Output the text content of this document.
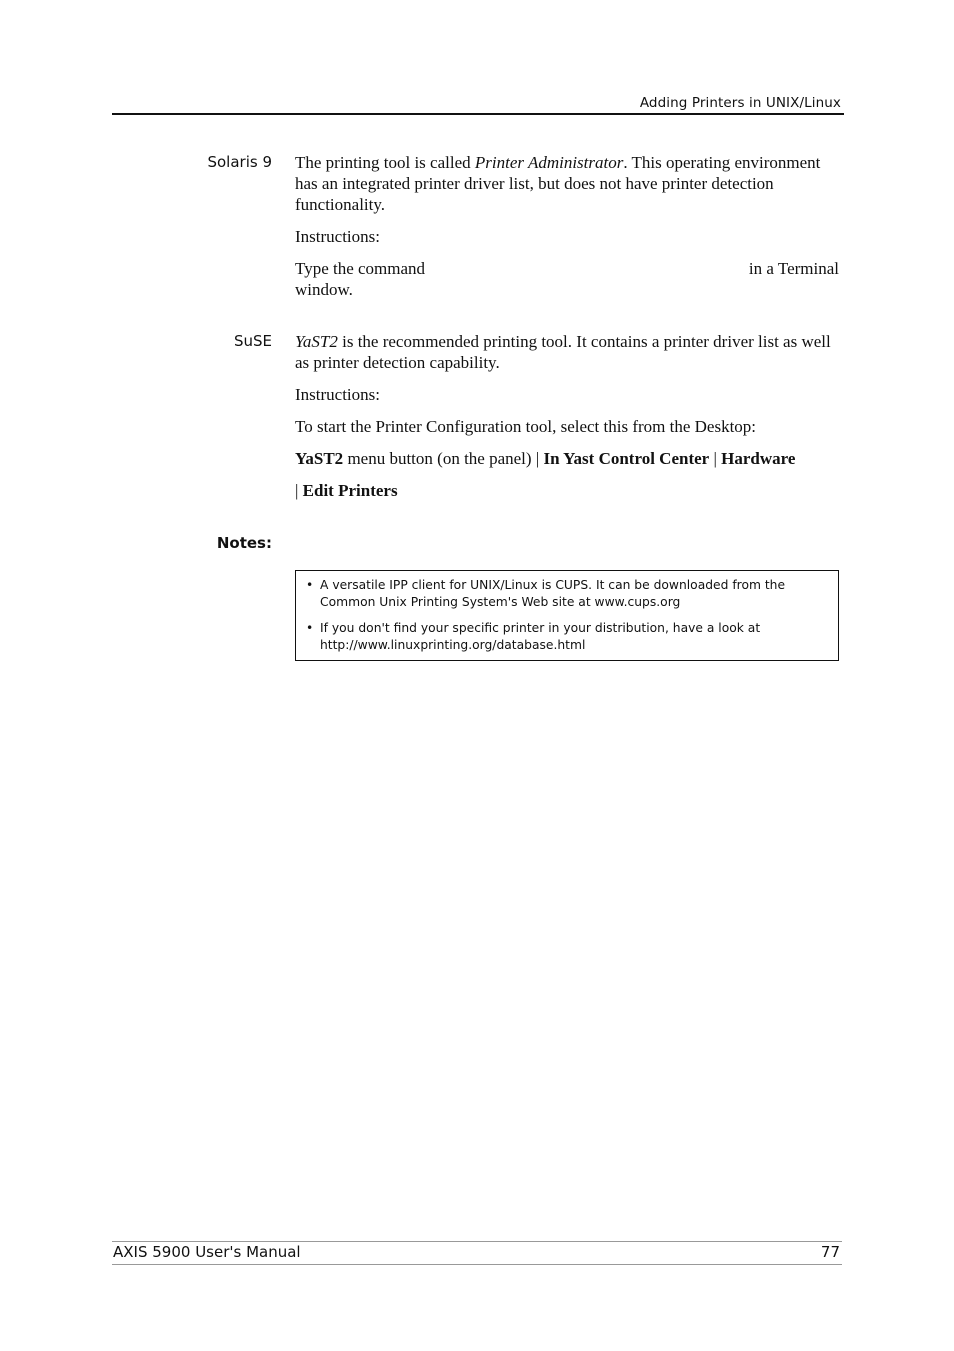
Adding Printers in UNIX/Linux
Solaris 9 The printing tool is called Printer Administrator. This operating environment has an integrated printer driver list, but does not have printer detection functionality.
Instructions:
Type the command	in a Terminal
window.
SuSE YaST2 is the recommended printing tool. It contains a printer driver list as well as printer detection capability.
Instructions:
To start the Printer Configuration tool, select this from the Desktop:
YaST2 menu button (on the panel) | In Yast Control Center | Hardware
| Edit Printers
Notes:
• A versatile IPP client for UNIX/Linux is CUPS. It can be downloaded from the Common Unix Printing System's Web site at www.cups.org
• If you don't find your specific printer in your distribution, have a look at http://www.linuxprinting.org/database.html
AXIS 5900 User's Manual	77
